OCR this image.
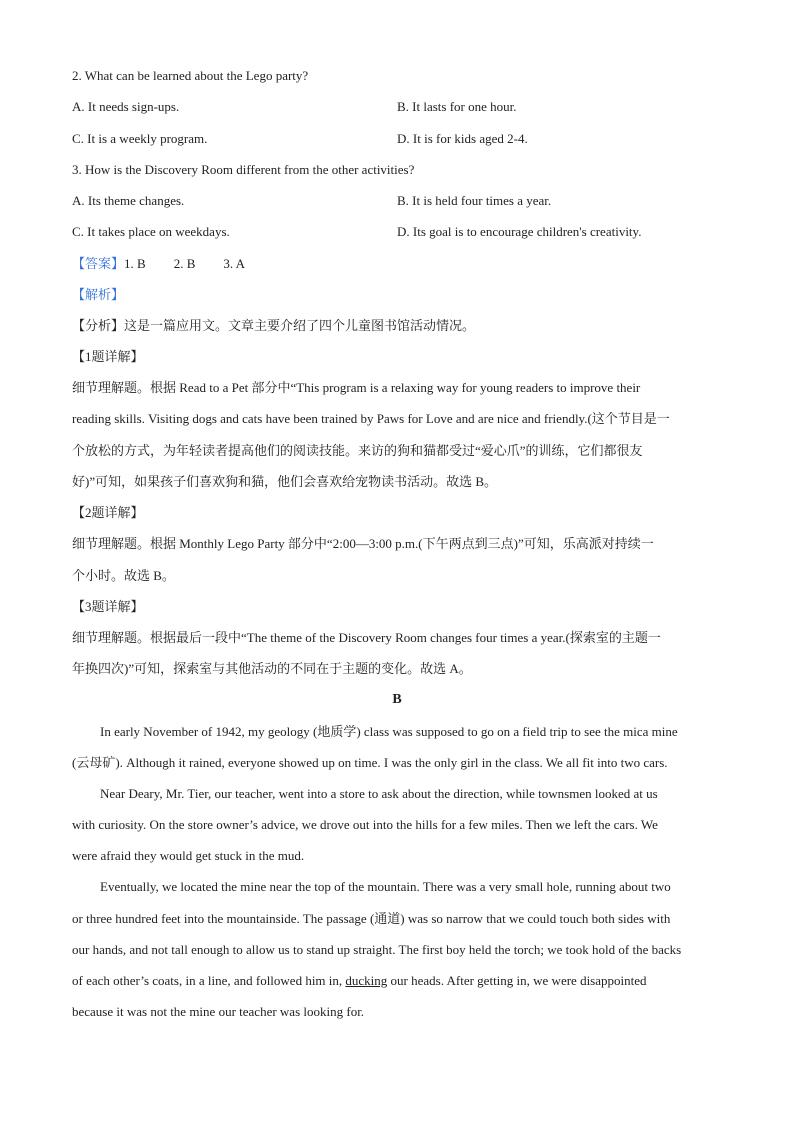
2. What can be learned about the Lego party?
A. It needs sign-ups.	B. It lasts for one hour.
C. It is a weekly program.	D. It is for kids aged 2-4.
3. How is the Discovery Room different from the other activities?
A. Its theme changes.	B. It is held four times a year.
C. It takes place on weekdays.	D. Its goal is to encourage children's creativity.
【答案】1. B 2. B 3. A
【解析】
【分析】这是一篇应用文。文章主要介绍了四个儿童图书馆活动情况。
【1题详解】
细节理解题。根据 Read to a Pet 部分中“This program is a relaxing way for young readers to improve their
reading skills. Visiting dogs and cats have been trained by Paws for Love and are nice and friendly.(这个节目是一
个放松的方式，为年轻读者提高他们的阅读技能。来访的狗和猫都受过“爱心爪”的训练，它们都很友
好)”可知，如果孩子们喜欢狗和猫，他们会喜欢给宠物读书活动。故选 B。
【2题详解】
细节理解题。根据 Monthly Lego Party 部分中“2:00—3:00 p.m.(下午两点到三点)”可知，乐高派对持续一
个小时。故选 B。
【3题详解】
细节理解题。根据最后一段中“The theme of the Discovery Room changes four times a year.(探索室的主题一
年换四次)”可知，探索室与其他活动的不同在于主题的变化。故选 A。
B
In early November of 1942, my geology (地质学) class was supposed to go on a field trip to see the mica mine
(云母矿). Although it rained, everyone showed up on time. I was the only girl in the class. We all fit into two cars.
Near Deary, Mr. Tier, our teacher, went into a store to ask about the direction, while townsmen looked at us
with curiosity. On the store owner’s advice, we drove out into the hills for a few miles. Then we left the cars. We
were afraid they would get stuck in the mud.
Eventually, we located the mine near the top of the mountain. There was a very small hole, running about two
or three hundred feet into the mountainside. The passage (通道) was so narrow that we could touch both sides with
our hands, and not tall enough to allow us to stand up straight. The first boy held the torch; we took hold of the backs
of each other’s coats, in a line, and followed him in, ducking our heads. After getting in, we were disappointed
because it was not the mine our teacher was looking for.
